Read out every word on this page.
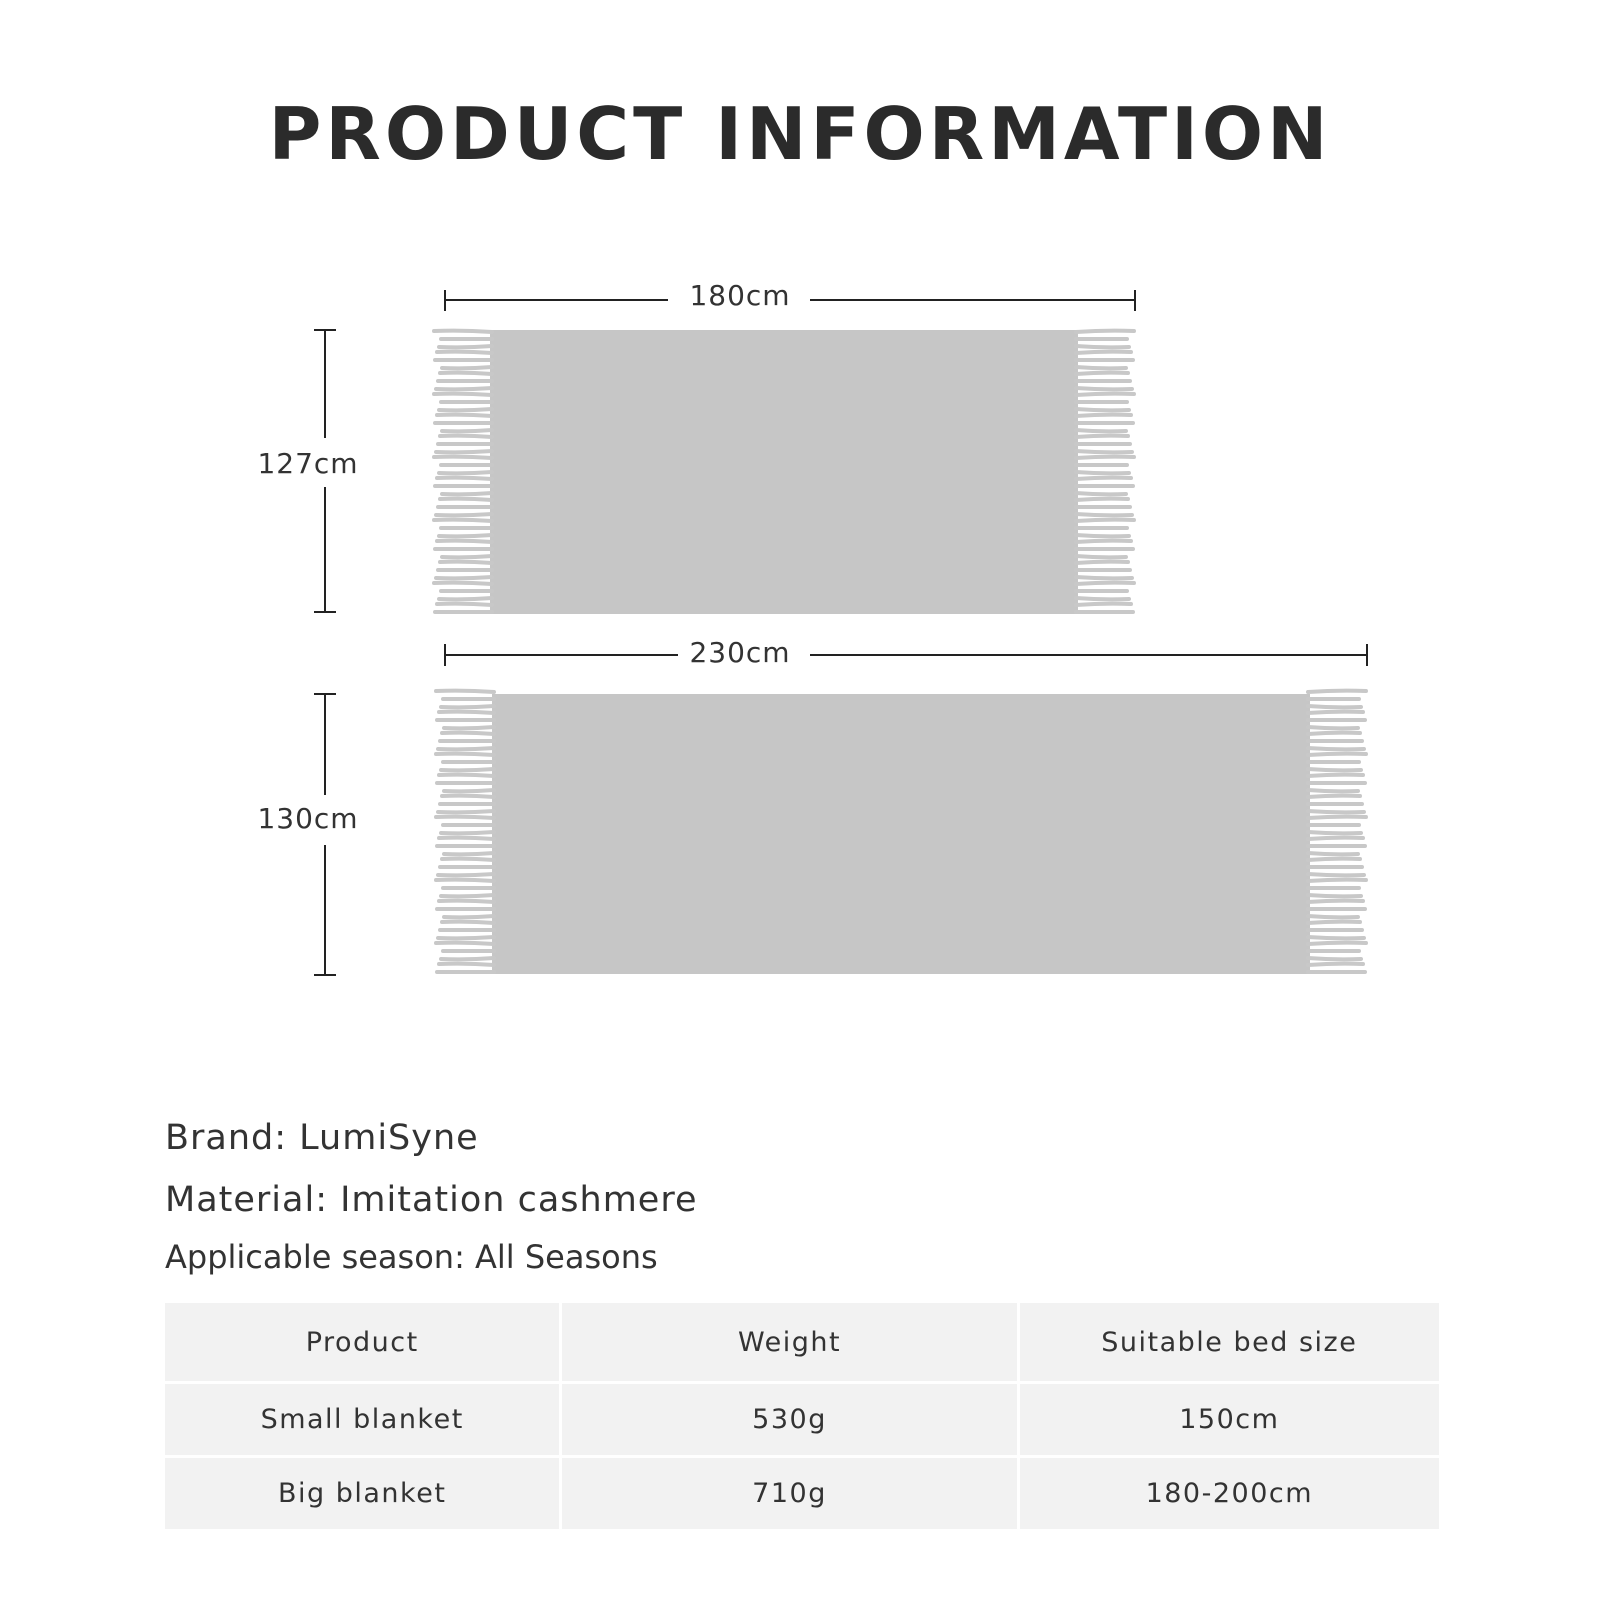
PRODUCT INFORMATION
180cm
127cm
230cm
130cm
Brand: LumiSyne
Material: Imitation cashmere
Applicable season: All Seasons
Product	Weight	Suitable bed size
Small blanket	530g	150cm
Big blanket	710g	180-200cm
